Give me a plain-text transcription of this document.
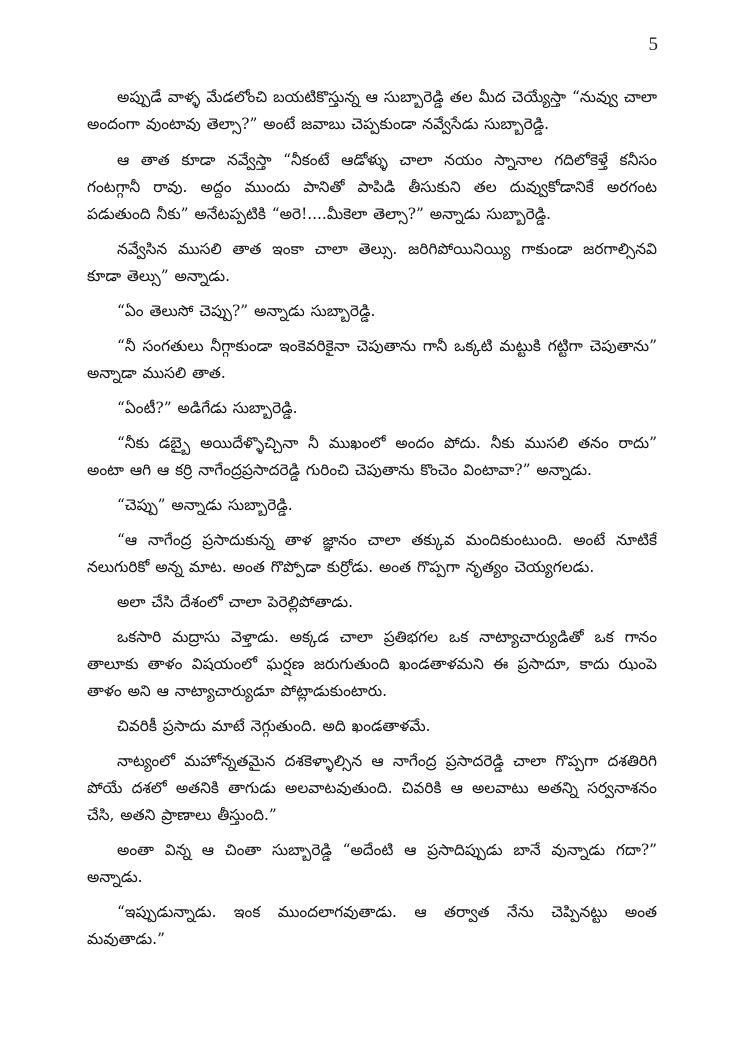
5

అప్పుడే వాళ్ళ మేడలోంచి బయటికొస్తున్న ఆ సుబ్బారెడ్డి తల మీద చెయ్యేస్తా “నువ్వు చాలా అందంగా వుంటావు తెల్సా?” అంటే జవాబు చెప్పకుండా నవ్వేసేడు సుబ్బారెడ్డి.

ఆ తాత కూడా నవ్వేస్తా “నీకంటే ఆడోళ్ళు చాలా నయం స్నానాల గదిలోకెళ్తే కనీసం గంటగ్గానీ రావు. అద్దం ముందు పానితో పాపిడి తీసుకుని తల దువ్వుకోడానికే అరగంట పడుతుంది నీకు” అనేటప్పటికి “అరె!....మీకెలా తెల్సా?” అన్నాడు సుబ్బారెడ్డి.

నవ్వేసిన ముసలి తాత ఇంకా చాలా తెల్సు. జరిగిపోయినియ్యి గాకుండా జరగాల్సినవి కూడా తెల్సు” అన్నాడు.

“ఏం తెలుసో చెప్పు?” అన్నాడు సుబ్బారెడ్డి.

“నీ సంగతులు నీగ్గాకుండా ఇంకెవరికైనా చెపుతాను గానీ ఒక్కటి మట్టుకి గట్టిగా చెపుతాను” అన్నాడా ముసలి తాత.

“ఏంటీ?” అడిగేడు సుబ్బారెడ్డి.

“నీకు డబ్బై అయిదేళ్ళొచ్చినా నీ ముఖంలో అందం పోదు. నీకు ముసలి తనం రాదు” అంటా ఆగి ఆ కర్రి నాగేంద్రప్రసాదరెడ్డి గురించి చెపుతాను కొంచెం వింటావా?” అన్నాడు.

“చెప్పు” అన్నాడు సుబ్బారెడ్డి.

“ఆ నాగేంద్ర ప్రసాదుకున్న తాళ జ్ఞానం చాలా తక్కువ మందికుంటుంది. అంటే నూటికే నలుగురికో అన్న మాట. అంత గొప్పోడా కుర్రోడు. అంత గొప్పగా నృత్యం చెయ్యగలడు.

అలా చేసి దేశంలో చాలా పెరెల్లిపోతాడు.

ఒకసారి మద్రాసు వెళ్తాడు. అక్కడ చాలా ప్రతిభగల ఒక నాట్యాచార్యుడితో ఒక గానం తాలూకు తాళం విషయంలో ఘర్షణ జరుగుతుంది ఖండతాళమని ఈ ప్రసాదూ, కాదు ఝంపె తాళం అని ఆ నాట్యాచార్యుడూ పోట్లాడుకుంటారు.

చివరికీ ప్రసాదు మాటే నెగ్గుతుంది. అది ఖండతాళమే.

నాట్యంలో మహోన్నతమైన దశకెళ్ళాల్సిన ఆ నాగేంద్ర ప్రసాదరెడ్డి చాలా గొప్పగా దశతిరిగి పోయే దశలో అతనికి తాగుడు అలవాటవుతుంది. చివరికి ఆ అలవాటు అతన్ని సర్వనాశనం చేసి, అతని ప్రాణాలు తీస్తుంది.”

అంతా విన్న ఆ చింతా సుబ్బారెడ్డి “అదేంటి ఆ ప్రసాదిప్పుడు బానే వున్నాడు గదా?” అన్నాడు.

“ఇప్పుడున్నాడు. ఇంక ముందలాగవుతాడు. ఆ తర్వాత నేను చెప్పినట్టు అంత మవుతాడు.”
